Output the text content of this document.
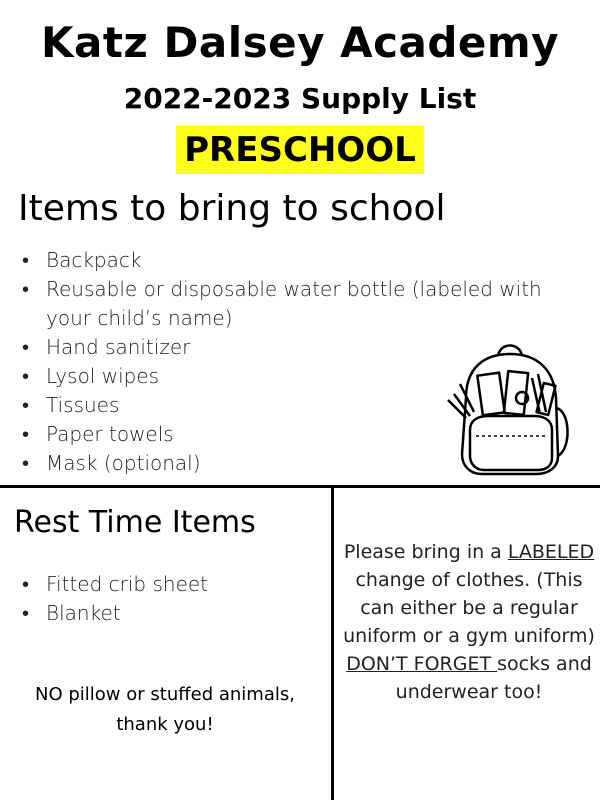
Katz Dalsey Academy
2022-2023 Supply List
PRESCHOOL
Items to bring to school
• Backpack
• Reusable or disposable water bottle (labeled with your child’s name)
• Hand sanitizer
• Lysol wipes
• Tissues
• Paper towels
• Mask (optional)
Rest Time Items
• Fitted crib sheet
• Blanket
NO pillow or stuffed animals, thank you!
Please bring in a LABELED change of clothes. (This can either be a regular uniform or a gym uniform) DON’T FORGET socks and underwear too!
